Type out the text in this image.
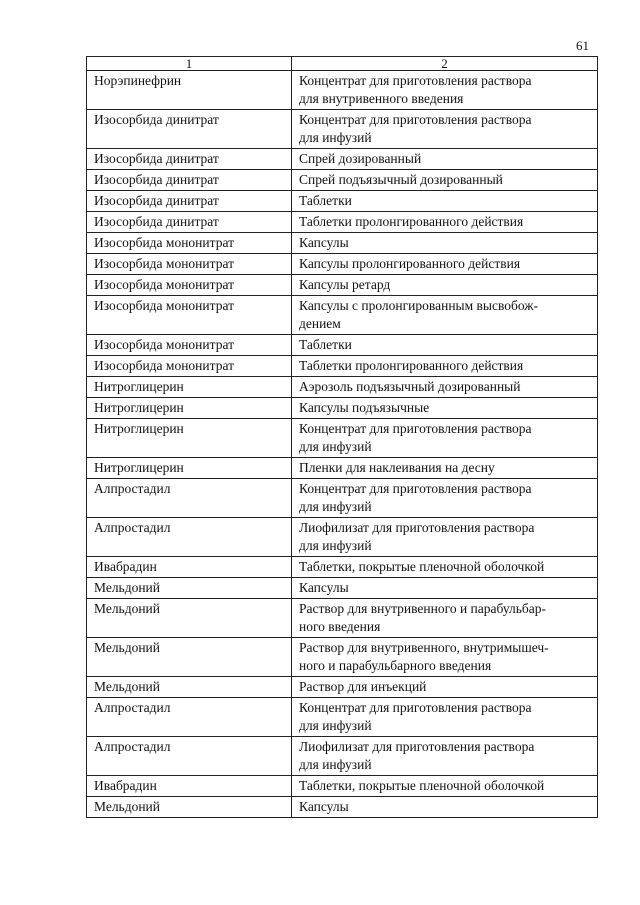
61
1	2
Норэпинефрин	Концентрат для приготовления раствора
для внутривенного введения
Изосорбида динитрат	Концентрат для приготовления раствора
для инфузий
Изосорбида динитрат	Спрей дозированный
Изосорбида динитрат	Спрей подъязычный дозированный
Изосорбида динитрат	Таблетки
Изосорбида динитрат	Таблетки пролонгированного действия
Изосорбида мононитрат	Капсулы
Изосорбида мононитрат	Капсулы пролонгированного действия
Изосорбида мононитрат	Капсулы ретард
Изосорбида мононитрат	Капсулы с пролонгированным высвобож-
дением
Изосорбида мононитрат	Таблетки
Изосорбида мононитрат	Таблетки пролонгированного действия
Нитроглицерин	Аэрозоль подъязычный дозированный
Нитроглицерин	Капсулы подъязычные
Нитроглицерин	Концентрат для приготовления раствора
для инфузий
Нитроглицерин	Пленки для наклеивания на десну
Алпростадил	Концентрат для приготовления раствора
для инфузий
Алпростадил	Лиофилизат для приготовления раствора
для инфузий
Ивабрадин	Таблетки, покрытые пленочной оболочкой
Мельдоний	Капсулы
Мельдоний	Раствор для внутривенного и парабульбар-
ного введения
Мельдоний	Раствор для внутривенного, внутримышеч-
ного и парабульбарного введения
Мельдоний	Раствор для инъекций
Алпростадил	Концентрат для приготовления раствора
для инфузий
Алпростадил	Лиофилизат для приготовления раствора
для инфузий
Ивабрадин	Таблетки, покрытые пленочной оболочкой
Мельдоний	Капсулы
